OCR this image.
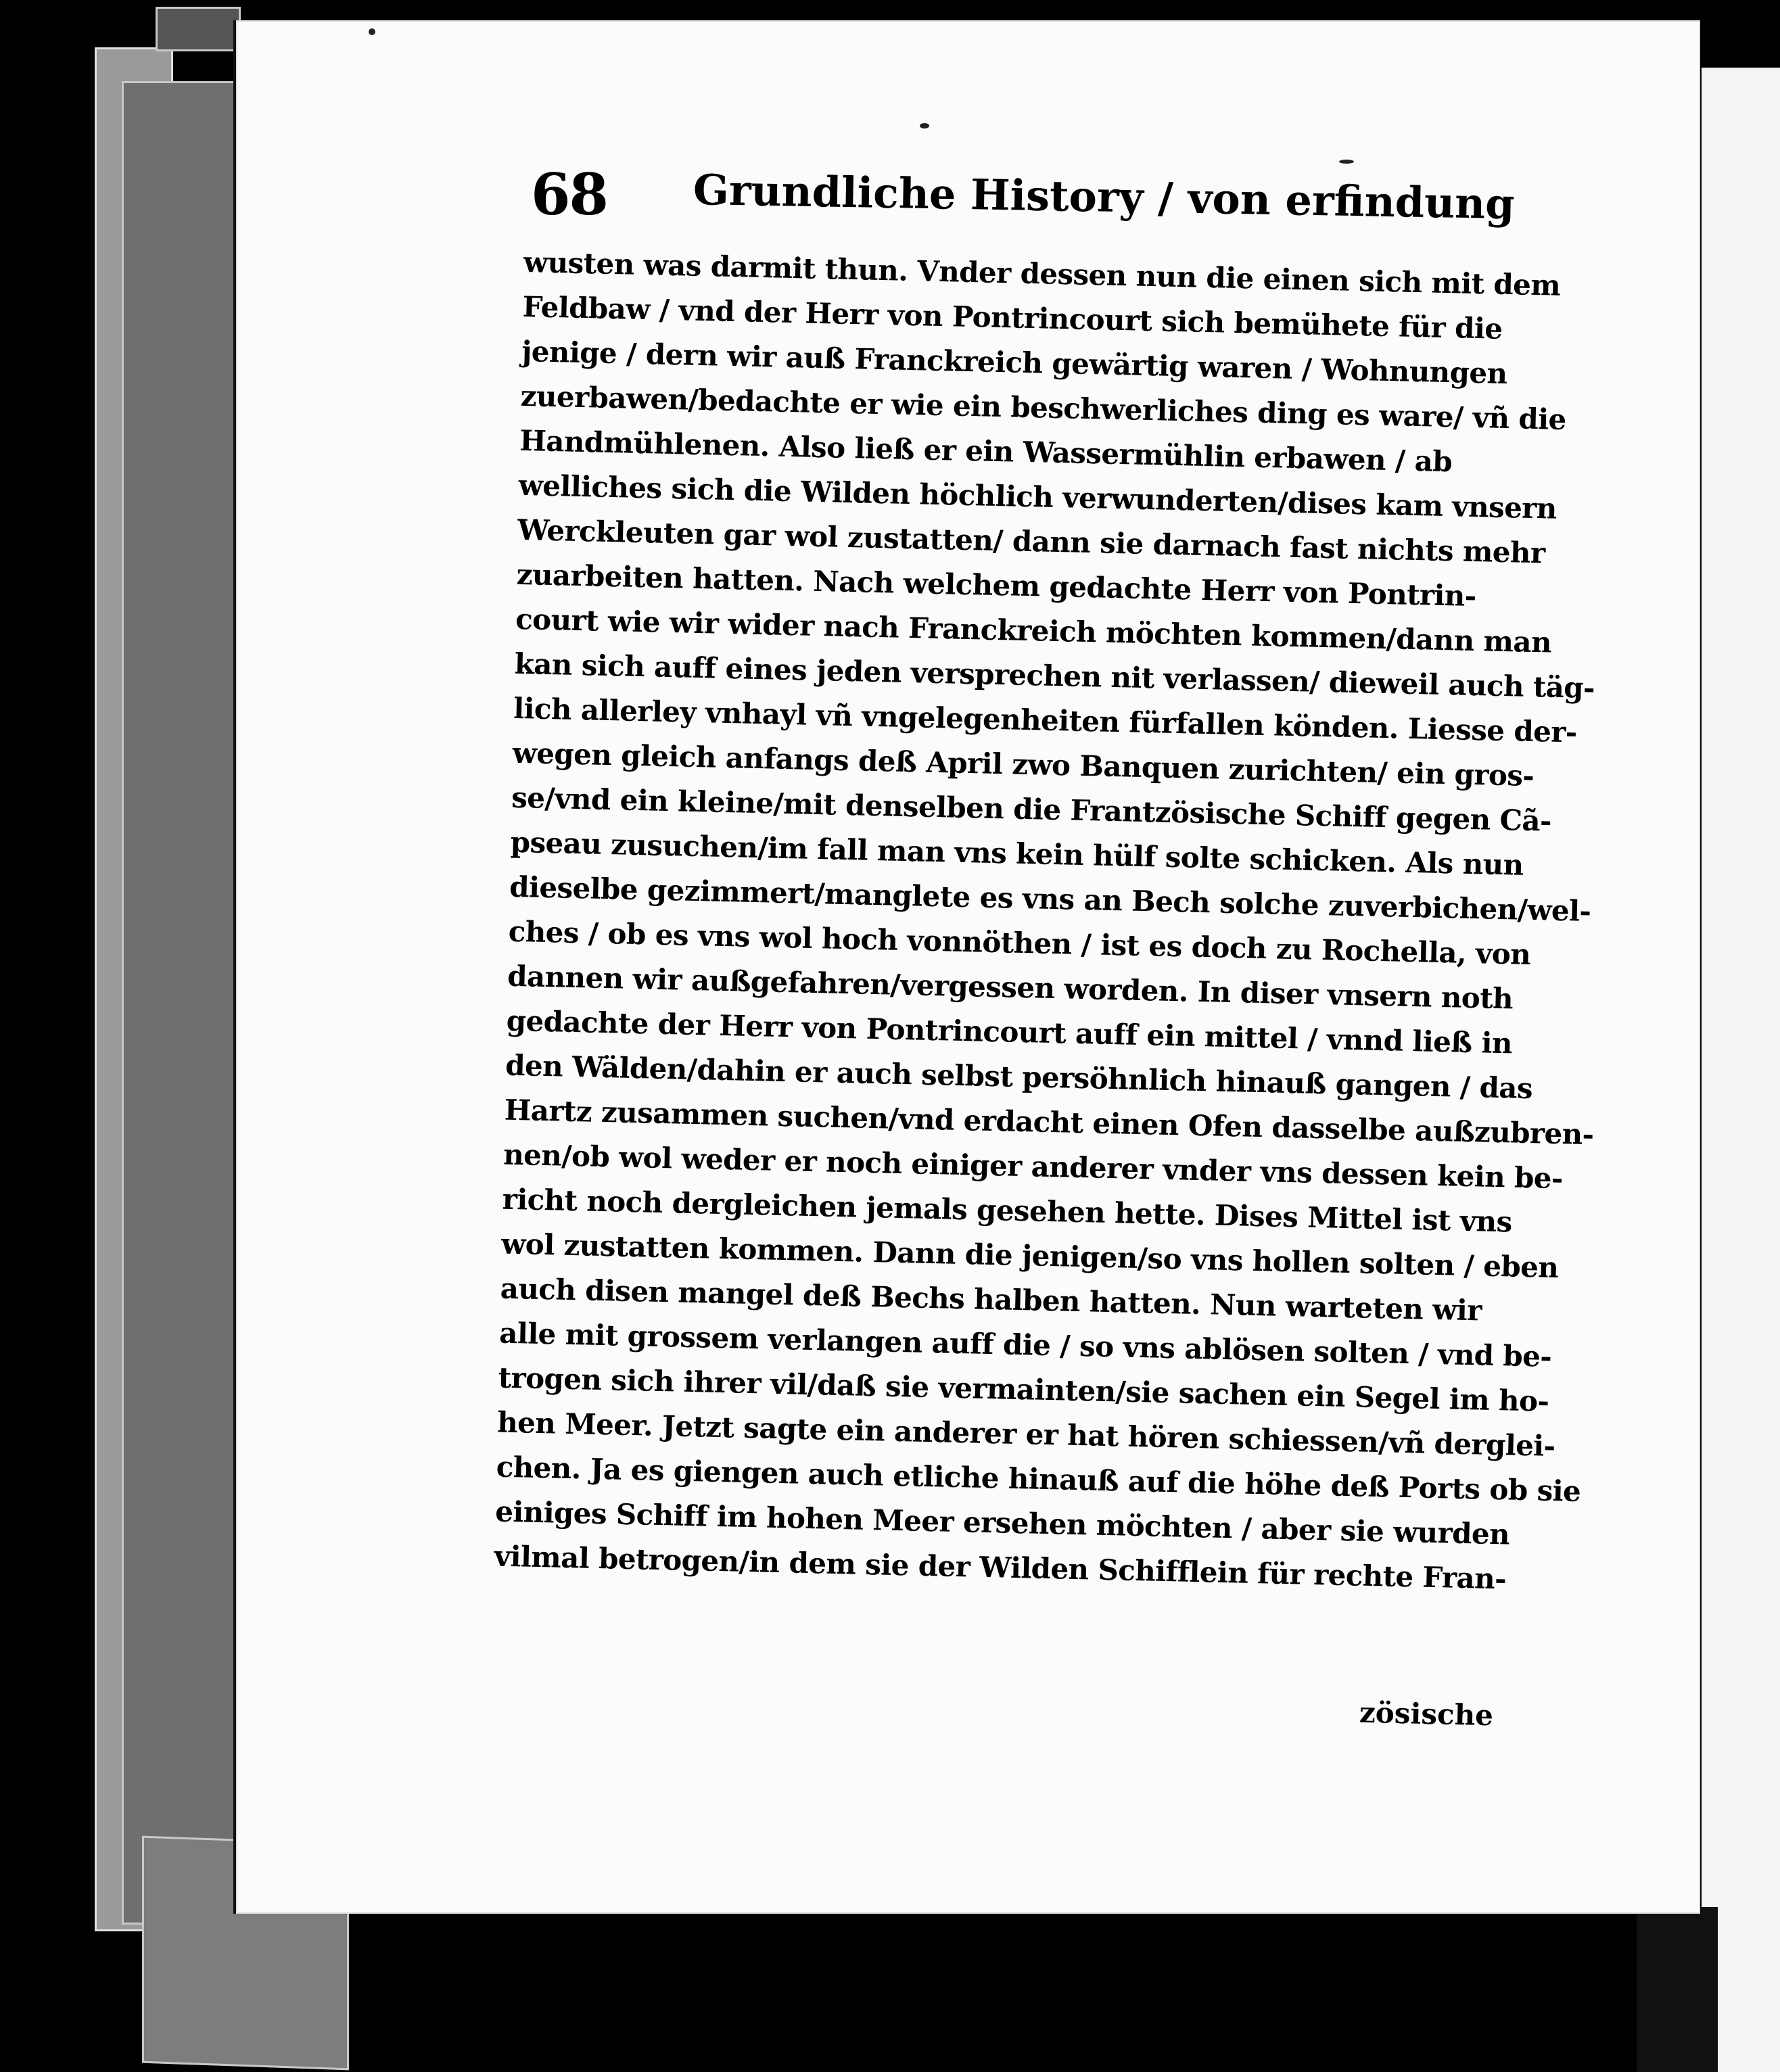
68 Grundliche History / von erfindung
wusten was darmit thun. Vnder dessen nun die einen sich mit dem
Feldbaw / vnd der Herr von Pontrincourt sich bemühete für die
jenige / dern wir auß Franckreich gewärtig waren / Wohnungen
zuerbawen/bedachte er wie ein beschwerliches ding es ware/ vñ die
Handmühlenen. Also ließ er ein Wassermühlin erbawen / ab
welliches sich die Wilden höchlich verwunderten/dises kam vnsern
Werckleuten gar wol zustatten/ dann sie darnach fast nichts mehr
zuarbeiten hatten. Nach welchem gedachte Herr von Pontrin-
court wie wir wider nach Franckreich möchten kommen/dann man
kan sich auff eines jeden versprechen nit verlassen/ dieweil auch täg-
lich allerley vnhayl vñ vngelegenheiten fürfallen könden. Liesse der-
wegen gleich anfangs deß April zwo Banquen zurichten/ ein gros-
se/vnd ein kleine/mit denselben die Frantzösische Schiff gegen Cã-
pseau zusuchen/im fall man vns kein hülf solte schicken. Als nun
dieselbe gezimmert/manglete es vns an Bech solche zuverbichen/wel-
ches / ob es vns wol hoch vonnöthen / ist es doch zu Rochella, von
dannen wir außgefahren/vergessen worden. In diser vnsern noth
gedachte der Herr von Pontrincourt auff ein mittel / vnnd ließ in
den Wälden/dahin er auch selbst persöhnlich hinauß gangen / das
Hartz zusammen suchen/vnd erdacht einen Ofen dasselbe außzubren-
nen/ob wol weder er noch einiger anderer vnder vns dessen kein be-
richt noch dergleichen jemals gesehen hette. Dises Mittel ist vns
wol zustatten kommen. Dann die jenigen/so vns hollen solten / eben
auch disen mangel deß Bechs halben hatten. Nun warteten wir
alle mit grossem verlangen auff die / so vns ablösen solten / vnd be-
trogen sich ihrer vil/daß sie vermainten/sie sachen ein Segel im ho-
hen Meer. Jetzt sagte ein anderer er hat hören schiessen/vñ derglei-
chen. Ja es giengen auch etliche hinauß auf die höhe deß Ports ob sie
einiges Schiff im hohen Meer ersehen möchten / aber sie wurden
vilmal betrogen/in dem sie der Wilden Schifflein für rechte Fran-
zösische
